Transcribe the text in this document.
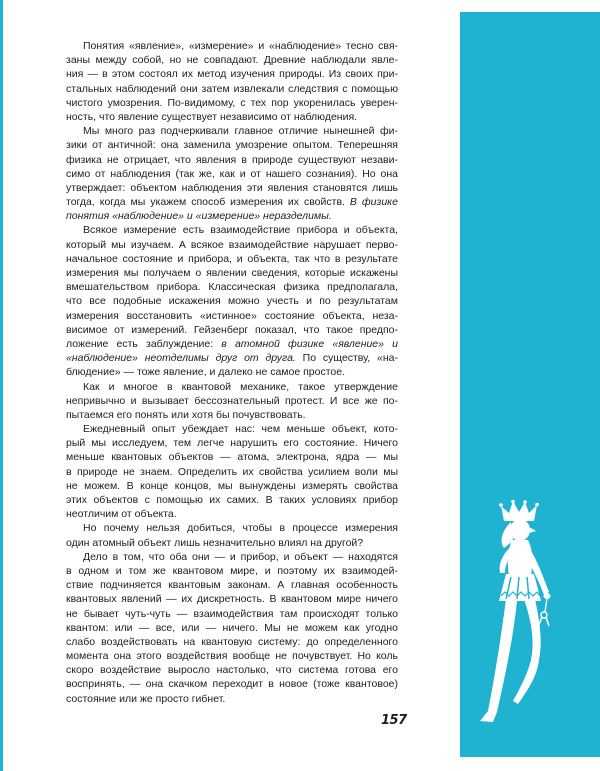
Понятия «явление», «измерение» и «наблюдение» тесно свя-
заны между собой, но не совпадают. Древние наблюдали явле-
ния — в этом состоял их метод изучения природы. Из своих при-
стальных наблюдений они затем извлекали следствия с помощью
чистого умозрения. По-видимому, с тех пор укоренилась уверен-
ность, что явление существует независимо от наблюдения.
Мы много раз подчеркивали главное отличие нынешней фи-
зики от античной: она заменила умозрение опытом. Теперешняя
физика не отрицает, что явления в природе существуют незави-
симо от наблюдения (так же, как и от нашего сознания). Но она
утверждает: объектом наблюдения эти явления становятся лишь
тогда, когда мы укажем способ измерения их свойств. В физике
понятия «наблюдение» и «измерение» неразделимы.
Всякое измерение есть взаимодействие прибора и объекта,
который мы изучаем. А всякое взаимодействие нарушает перво-
начальное состояние и прибора, и объекта, так что в результате
измерения мы получаем о явлении сведения, которые искажены
вмешательством прибора. Классическая физика предполагала,
что все подобные искажения можно учесть и по результатам
измерения восстановить «истинное» состояние объекта, неза-
висимое от измерений. Гейзенберг показал, что такое предпо-
ложение есть заблуждение: в атомной физике «явление» и
«наблюдение» неотделимы друг от друга. По существу, «на-
блюдение» — тоже явление, и далеко не самое простое.
Как и многое в квантовой механике, такое утверждение
непривычно и вызывает бессознательный протест. И все же по-
пытаемся его понять или хотя бы почувствовать.
Ежедневный опыт убеждает нас: чем меньше объект, кото-
рый мы исследуем, тем легче нарушить его состояние. Ничего
меньше квантовых объектов — атома, электрона, ядра — мы
в природе не знаем. Определить их свойства усилием воли мы
не можем. В конце концов, мы вынуждены измерять свойства
этих объектов с помощью их самих. В таких условиях прибор
неотличим от объекта.
Но почему нельзя добиться, чтобы в процессе измерения
один атомный объект лишь незначительно влиял на другой?
Дело в том, что оба они — и прибор, и объект — находятся
в одном и том же квантовом мире, и поэтому их взаимодей-
ствие подчиняется квантовым законам. А главная особенность
квантовых явлений — их дискретность. В квантовом мире ничего
не бывает чуть-чуть — взаимодействия там происходят только
квантом: или — все, или — ничего. Мы не можем как угодно
слабо воздействовать на квантовую систему: до определенного
момента она этого воздействия вообще не почувствует. Но коль
скоро воздействие выросло настолько, что система готова его
воспринять, — она скачком переходит в новое (тоже квантовое)
состояние или же просто гибнет.
157
